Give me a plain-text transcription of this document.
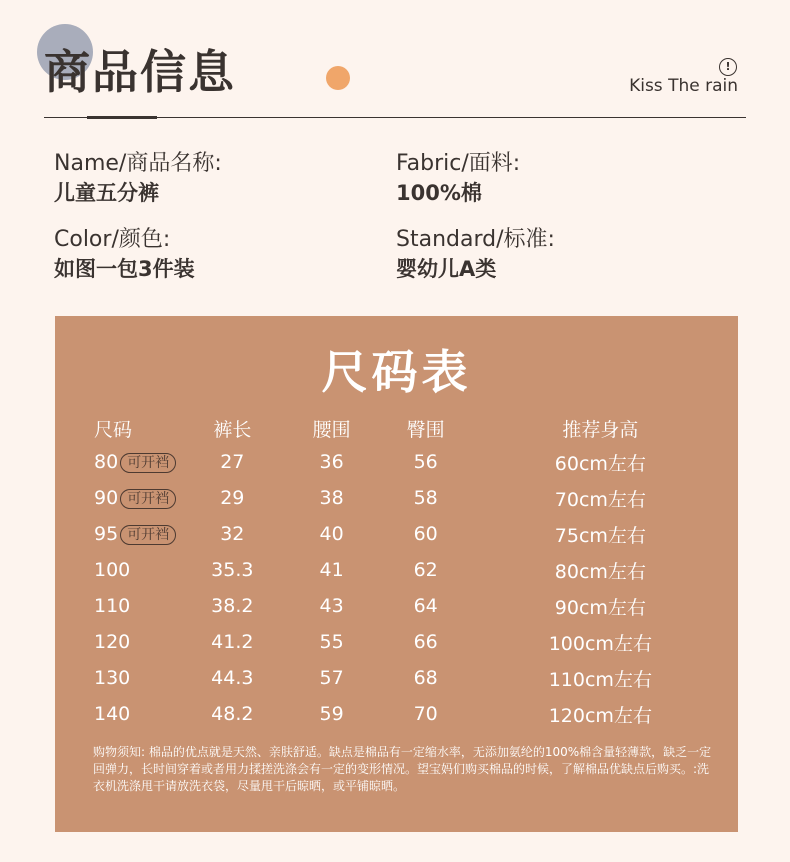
商品信息	!
Kiss The rain
Name/商品名称:
儿童五分裤
Fabric/面料:
100%棉
Color/颜色:
如图一包3件装
Standard/标准:
婴幼儿A类
尺码表
尺码	裤长	腰围	臀围	推荐身高
80 可开裆	27	36	56	60cm左右
90 可开裆	29	38	58	70cm左右
95 可开裆	32	40	60	75cm左右
100	35.3	41	62	80cm左右
110	38.2	43	64	90cm左右
120	41.2	55	66	100cm左右
130	44.3	57	68	110cm左右
140	48.2	59	70	120cm左右
购物须知: 棉品的优点就是天然、亲肤舒适。缺点是棉品有一定缩水率，无添加氨纶的100%棉含量轻薄款，缺乏一定回弹力，长时间穿着或者用力揉搓洗涤会有一定的变形情况。望宝妈们购买棉品的时候，了解棉品优缺点后购买。:洗衣机洗涤甩干请放洗衣袋，尽量甩干后晾晒，或平铺晾晒。
